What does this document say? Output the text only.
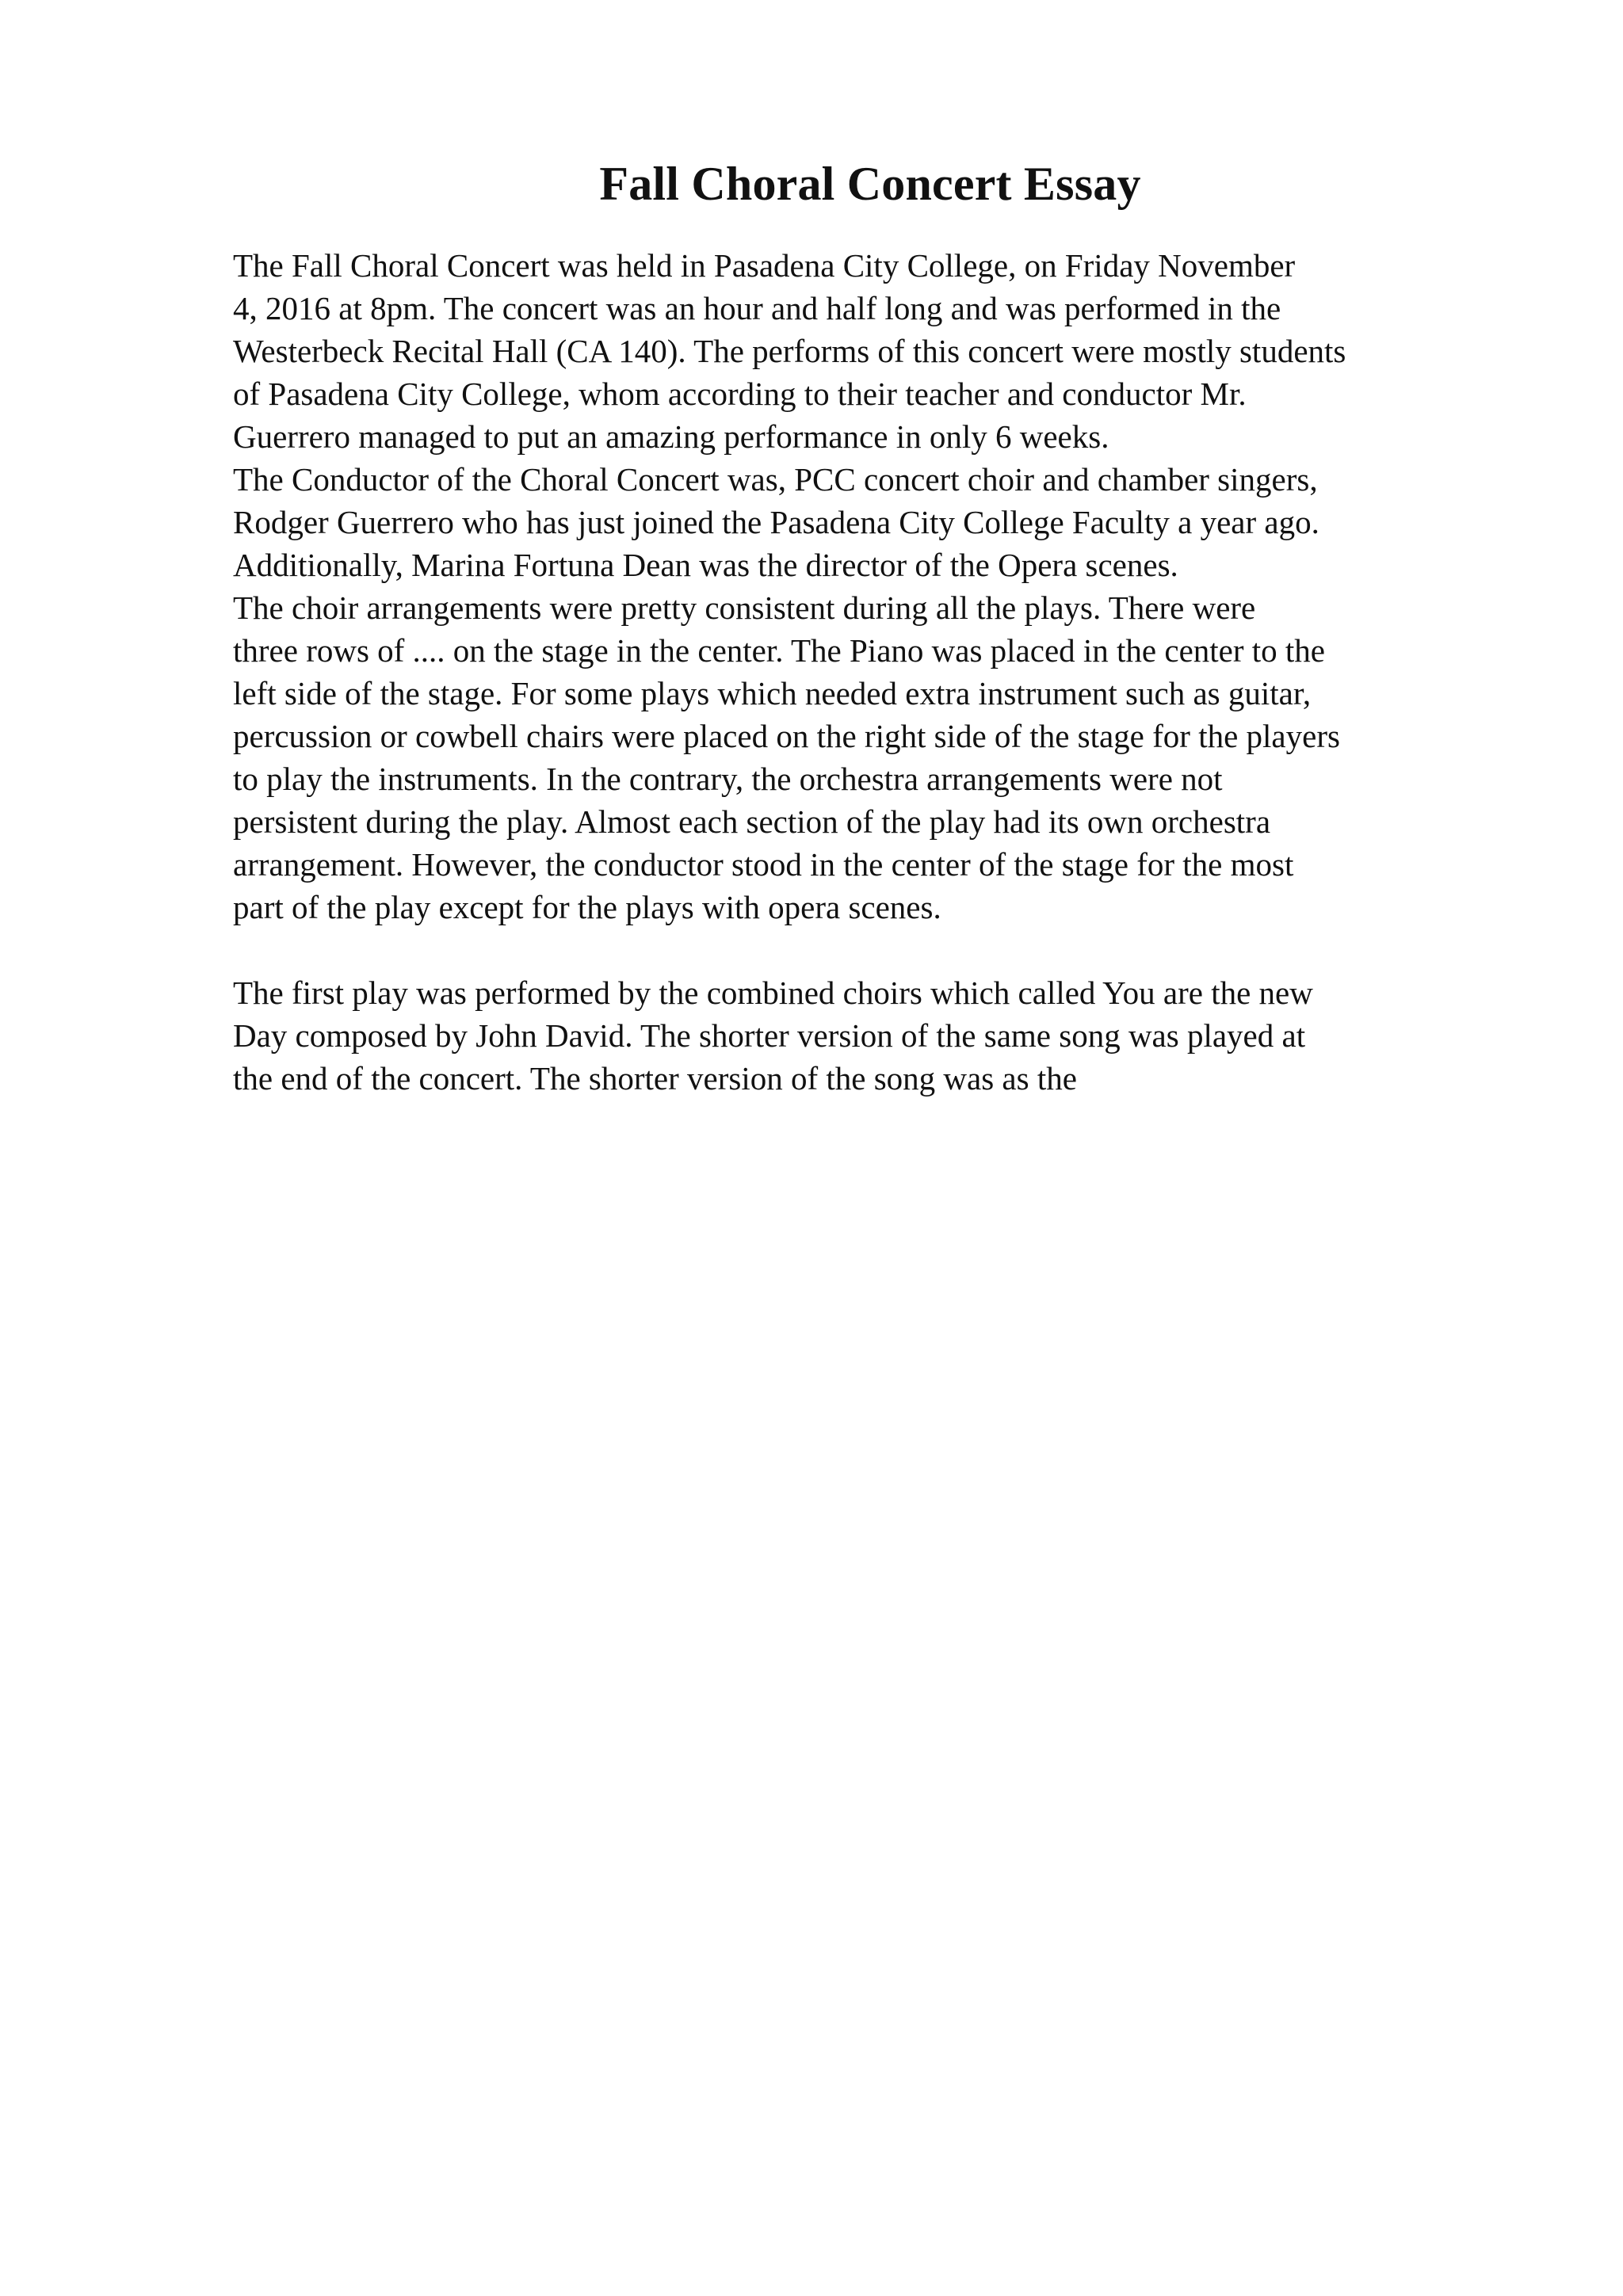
Fall Choral Concert Essay
The Fall Choral Concert was held in Pasadena City College, on Friday November
4, 2016 at 8pm. The concert was an hour and half long and was performed in the
Westerbeck Recital Hall (CA 140). The performs of this concert were mostly students
of Pasadena City College, whom according to their teacher and conductor Mr.
Guerrero managed to put an amazing performance in only 6 weeks.
The Conductor of the Choral Concert was, PCC concert choir and chamber singers,
Rodger Guerrero who has just joined the Pasadena City College Faculty a year ago.
Additionally, Marina Fortuna Dean was the director of the Opera scenes.
The choir arrangements were pretty consistent during all the plays. There were
three rows of .... on the stage in the center. The Piano was placed in the center to the
left side of the stage. For some plays which needed extra instrument such as guitar,
percussion or cowbell chairs were placed on the right side of the stage for the players
to play the instruments. In the contrary, the orchestra arrangements were not
persistent during the play. Almost each section of the play had its own orchestra
arrangement. However, the conductor stood in the center of the stage for the most
part of the play except for the plays with opera scenes.
The first play was performed by the combined choirs which called You are the new
Day composed by John David. The shorter version of the same song was played at
the end of the concert. The shorter version of the song was as the
